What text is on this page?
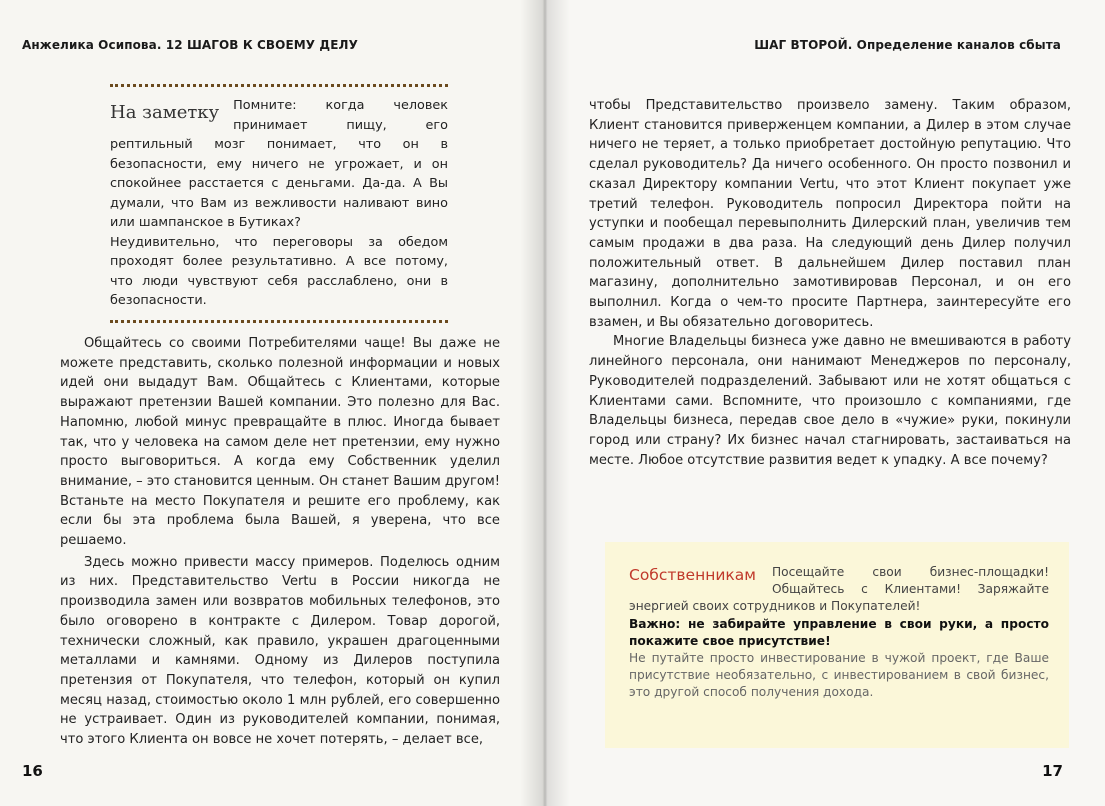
Анжелика Осипова. 12 ШАГОВ К СВОЕМУ ДЕЛУ
На заметку	Помните: когда человек принимает пищу, его рептильный мозг понимает, что он в безопасности, ему ничего не угрожает, и он спокойнее расстается с деньгами. Да-да. А Вы думали, что Вам из вежливости наливают вино или шампанское в Бутиках?

Неудивительно, что переговоры за обедом проходят более результативно. А все потому, что люди чувствуют себя расслаблено, они в безопасности.

Общайтесь со своими Потребителями чаще! Вы даже не можете представить, сколько полезной информации и новых идей они выдадут Вам. Общайтесь с Клиентами, которые выражают претензии Вашей компании. Это полезно для Вас. Напомню, любой минус превращайте в плюс. Иногда бывает так, что у человека на самом деле нет претензии, ему нужно просто выговориться. А когда ему Собственник уделил внимание, – это становится ценным. Он станет Вашим другом! Встаньте на место Покупателя и решите его проблему, как если бы эта проблема была Вашей, я уверена, что все решаемо.

Здесь можно привести массу примеров. Поделюсь одним из них. Представительство Vertu в России никогда не производила замен или возвратов мобильных телефонов, это было оговорено в контракте с Дилером. Товар дорогой, технически сложный, как правило, украшен драгоценными металлами и камнями. Одному из Дилеров поступила претензия от Покупателя, что телефон, который он купил месяц назад, стоимостью около 1 млн рублей, его совершенно не устраивает. Один из руководителей компании, понимая, что этого Клиента он вовсе не хочет потерять, – делает все,

16
ШАГ ВТОРОЙ. Определение каналов сбыта

чтобы Представительство произвело замену. Таким образом, Клиент становится приверженцем компании, а Дилер в этом случае ничего не теряет, а только приобретает достойную репутацию. Что сделал руководитель? Да ничего особенного. Он просто позвонил и сказал Директору компании Vertu, что этот Клиент покупает уже третий телефон. Руководитель попросил Директора пойти на уступки и пообещал перевыполнить Дилерский план, увеличив тем самым продажи в два раза. На следующий день Дилер получил положительный ответ. В дальнейшем Дилер поставил план магазину, дополнительно замотивировав Персонал, и он его выполнил. Когда о чем-то просите Партнера, заинтересуйте его взамен, и Вы обязательно договоритесь.

Многие Владельцы бизнеса уже давно не вмешиваются в работу линейного персонала, они нанимают Менеджеров по персоналу, Руководителей подразделений. Забывают или не хотят общаться с Клиентами сами. Вспомните, что произошло с компаниями, где Владельцы бизнеса, передав свое дело в «чужие» руки, покинули город или страну? Их бизнес начал стагнировать, застаиваться на месте. Любое отсутствие развития ведет к упадку. А все почему?

Собственникам	Посещайте свои бизнес-площадки! Общайтесь с Клиентами! Заряжайте энергией своих сотрудников и Покупателей!

Важно: не забирайте управление в свои руки, а просто покажите свое присутствие!

Не путайте просто инвестирование в чужой проект, где Ваше присутствие необязательно, с инвестированием в свой бизнес, это другой способ получения дохода.

17
